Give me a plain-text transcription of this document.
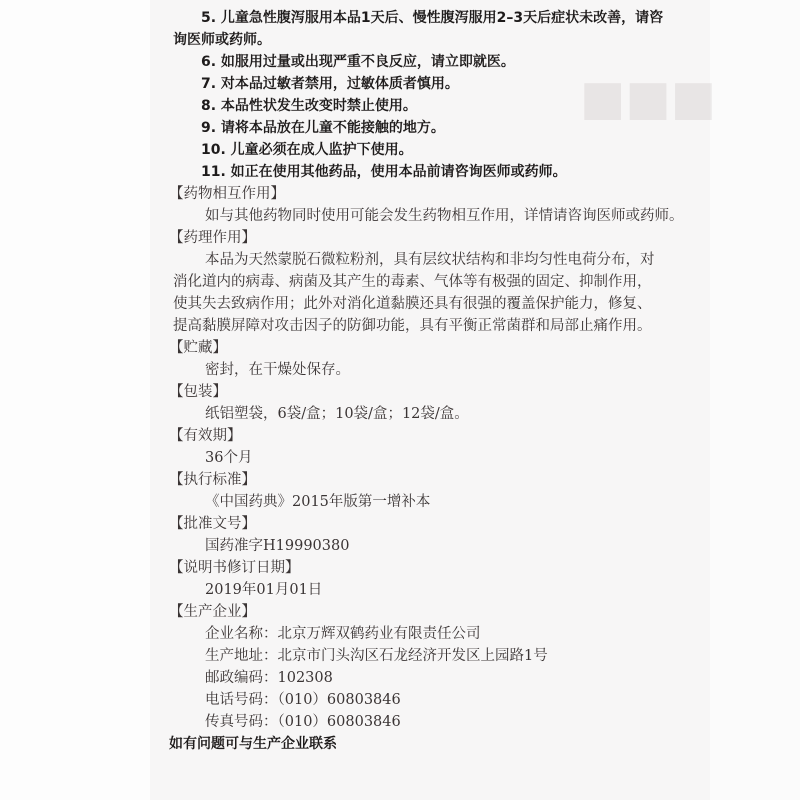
■■■
5. 儿童急性腹泻服用本品1天后、慢性腹泻服用2–3天后症状未改善，请咨
询医师或药师。
6. 如服用过量或出现严重不良反应，请立即就医。
7. 对本品过敏者禁用，过敏体质者慎用。
8. 本品性状发生改变时禁止使用。
9. 请将本品放在儿童不能接触的地方。
10. 儿童必须在成人监护下使用。
11. 如正在使用其他药品，使用本品前请咨询医师或药师。
【药物相互作用】
如与其他药物同时使用可能会发生药物相互作用，详情请咨询医师或药师。
【药理作用】
本品为天然蒙脱石微粒粉剂，具有层纹状结构和非均匀性电荷分布，对
消化道内的病毒、病菌及其产生的毒素、气体等有极强的固定、抑制作用，
使其失去致病作用；此外对消化道黏膜还具有很强的覆盖保护能力，修复、
提高黏膜屏障对攻击因子的防御功能，具有平衡正常菌群和局部止痛作用。
【贮藏】
密封，在干燥处保存。
【包装】
纸铝塑袋，6袋/盒；10袋/盒；12袋/盒。
【有效期】
36个月
【执行标准】
《中国药典》2015年版第一增补本
【批准文号】
国药准字H19990380
【说明书修订日期】
2019年01月01日
【生产企业】
企业名称：北京万辉双鹤药业有限责任公司
生产地址：北京市门头沟区石龙经济开发区上园路1号
邮政编码：102308
电话号码：（010）60803846
传真号码：（010）60803846
如有问题可与生产企业联系
